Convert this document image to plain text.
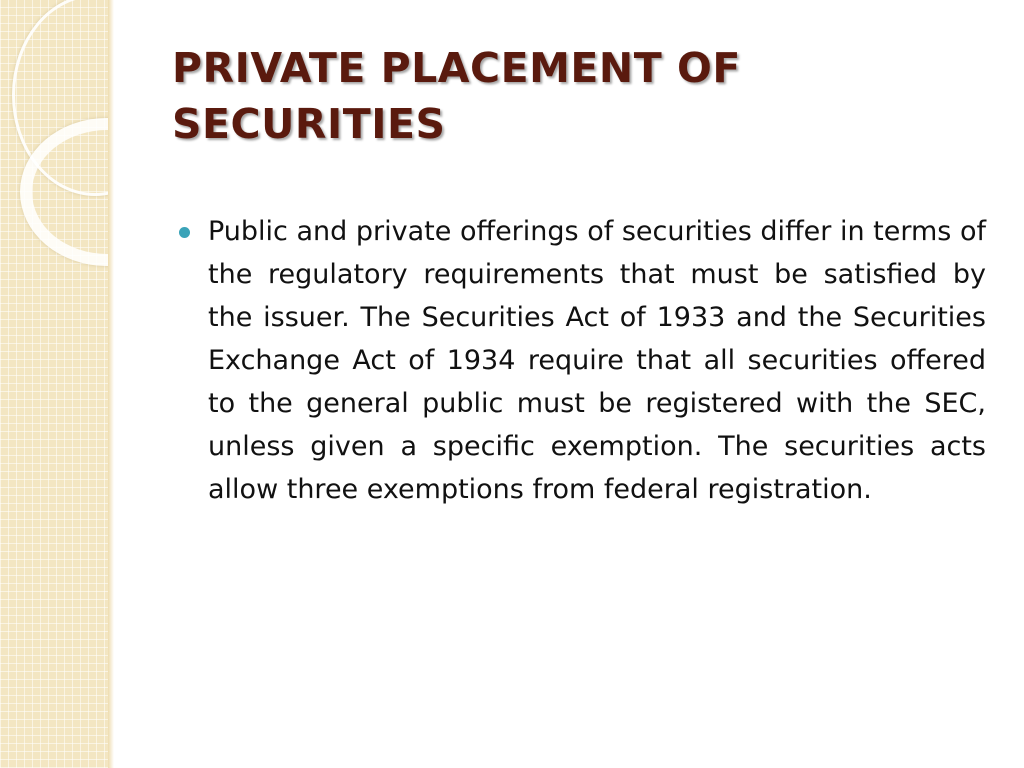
PRIVATE PLACEMENT OF SECURITIES
Public and private offerings of securities differ in terms of the regulatory requirements that must be satisfied by the issuer. The Securities Act of 1933 and the Securities Exchange Act of 1934 require that all securities offered to the general public must be registered with the SEC, unless given a specific exemption. The securities acts allow three exemptions from federal registration.
